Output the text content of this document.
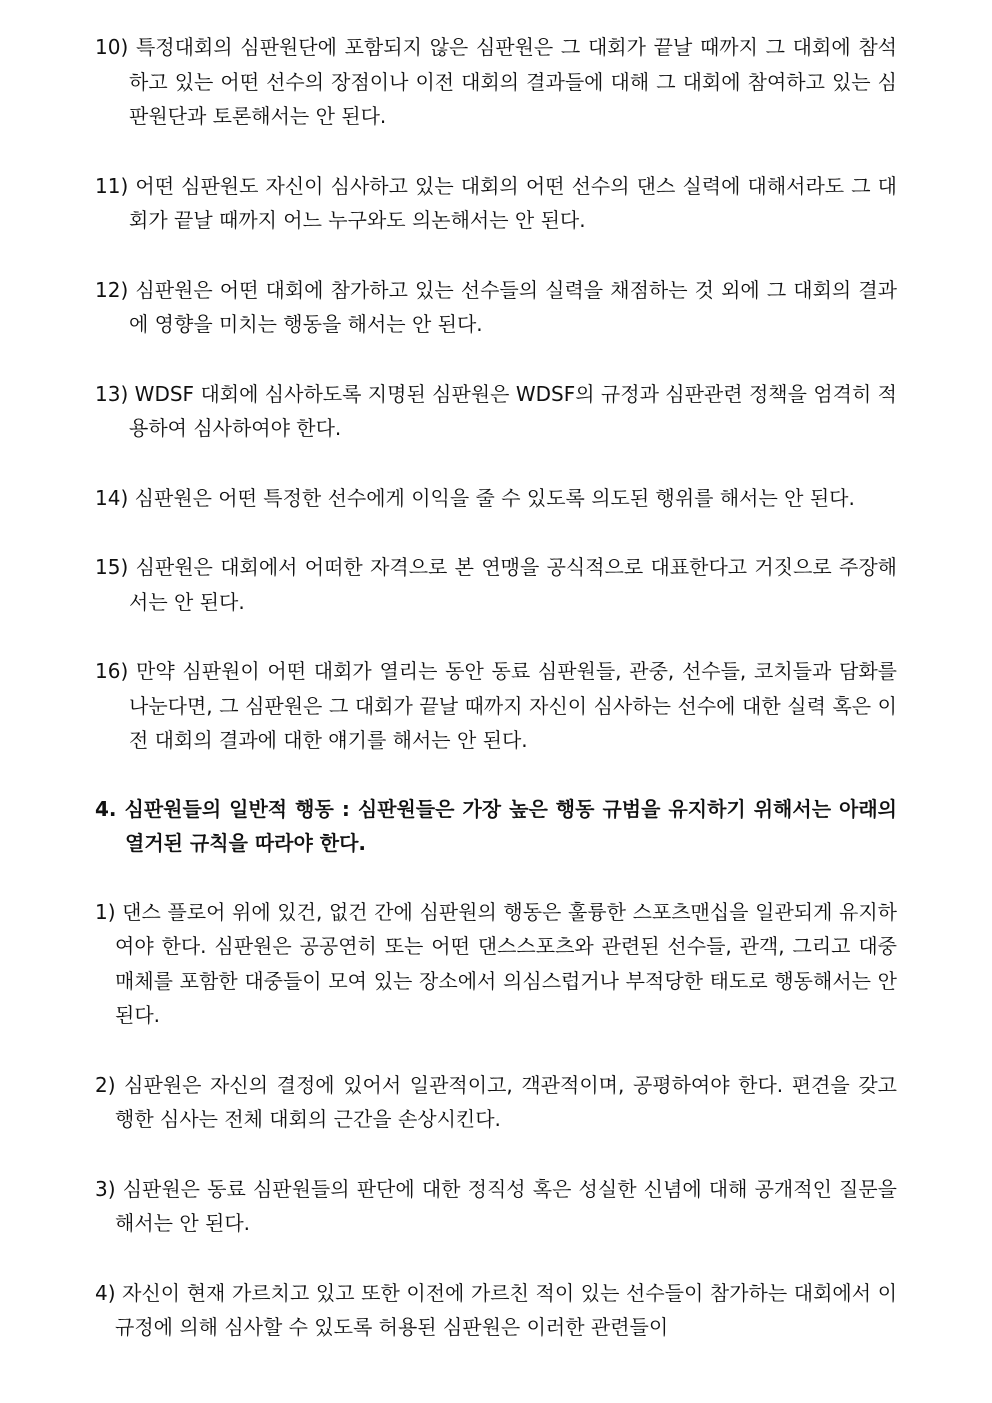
10) 특정대회의 심판원단에 포함되지 않은 심판원은 그 대회가 끝날 때까지 그 대회에 참석하고 있는 어떤 선수의 장점이나 이전 대회의 결과들에 대해 그 대회에 참여하고 있는 심판원단과 토론해서는 안 된다.

11) 어떤 심판원도 자신이 심사하고 있는 대회의 어떤 선수의 댄스 실력에 대해서라도 그 대회가 끝날 때까지 어느 누구와도 의논해서는 안 된다.

12) 심판원은 어떤 대회에 참가하고 있는 선수들의 실력을 채점하는 것 외에 그 대회의 결과에 영향을 미치는 행동을 해서는 안 된다.

13) WDSF 대회에 심사하도록 지명된 심판원은 WDSF의 규정과 심판관련 정책을 엄격히 적용하여 심사하여야 한다.

14) 심판원은 어떤 특정한 선수에게 이익을 줄 수 있도록 의도된 행위를 해서는 안 된다.

15) 심판원은 대회에서 어떠한 자격으로 본 연맹을 공식적으로 대표한다고 거짓으로 주장해서는 안 된다.

16) 만약 심판원이 어떤 대회가 열리는 동안 동료 심판원들, 관중, 선수들, 코치들과 담화를 나눈다면, 그 심판원은 그 대회가 끝날 때까지 자신이 심사하는 선수에 대한 실력 혹은 이전 대회의 결과에 대한 얘기를 해서는 안 된다.

4. 심판원들의 일반적 행동 : 심판원들은 가장 높은 행동 규범을 유지하기 위해서는 아래의 열거된 규칙을 따라야 한다.

1) 댄스 플로어 위에 있건, 없건 간에 심판원의 행동은 훌륭한 스포츠맨십을 일관되게 유지하여야 한다. 심판원은 공공연히 또는 어떤 댄스스포츠와 관련된 선수들, 관객, 그리고 대중매체를 포함한 대중들이 모여 있는 장소에서 의심스럽거나 부적당한 태도로 행동해서는 안 된다.

2) 심판원은 자신의 결정에 있어서 일관적이고, 객관적이며, 공평하여야 한다. 편견을 갖고 행한 심사는 전체 대회의 근간을 손상시킨다.

3) 심판원은 동료 심판원들의 판단에 대한 정직성 혹은 성실한 신념에 대해 공개적인 질문을 해서는 안 된다.

4) 자신이 현재 가르치고 있고 또한 이전에 가르친 적이 있는 선수들이 참가하는 대회에서 이 규정에 의해 심사할 수 있도록 허용된 심판원은 이러한 관련들이
